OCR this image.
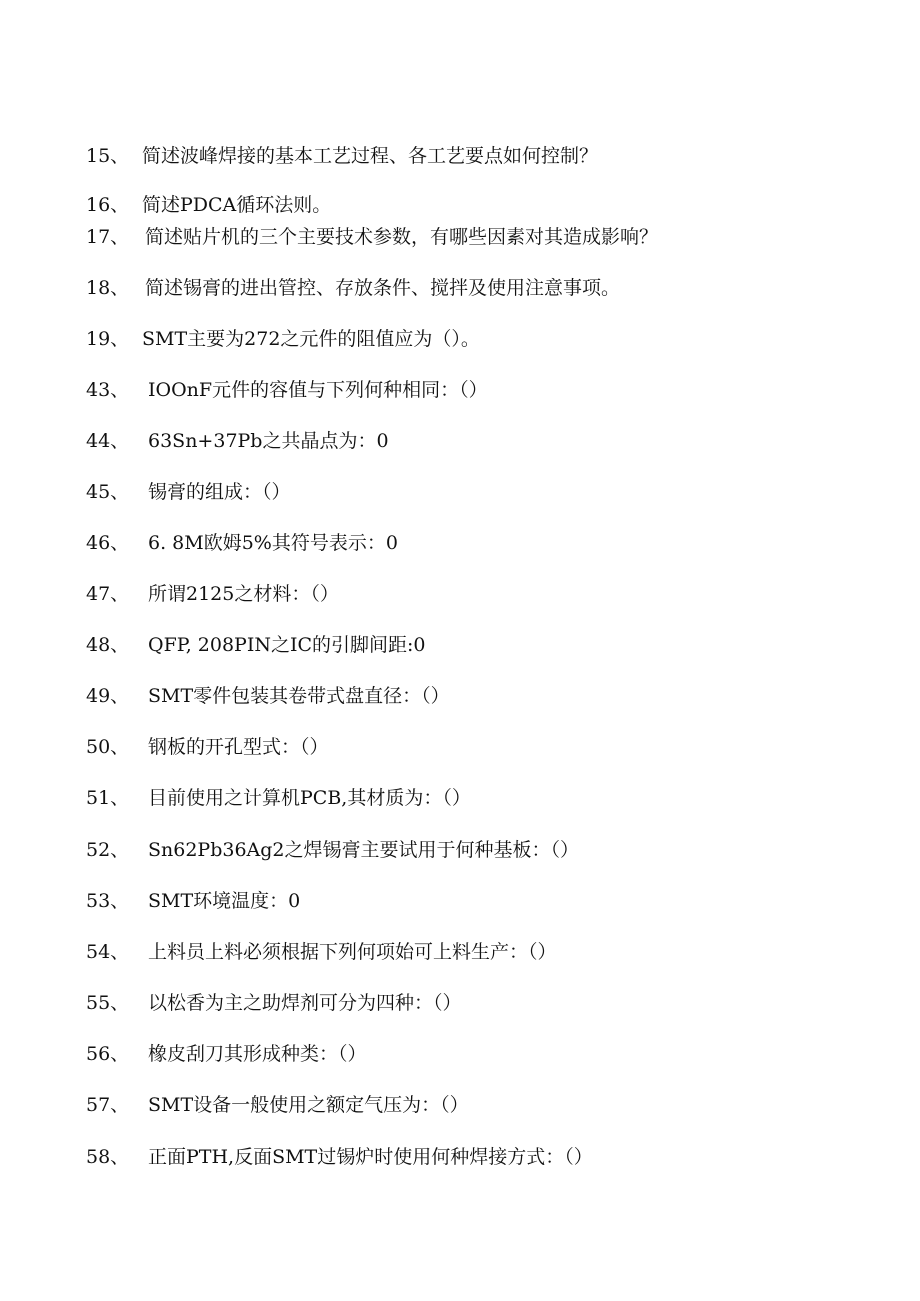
15、 简述波峰焊接的基本工艺过程、各工艺要点如何控制？
16、 简述PDCA循环法则。
17、 简述贴片机的三个主要技术参数，有哪些因素对其造成影响？
18、 简述锡膏的进出管控、存放条件、搅拌及使用注意事项。
19、 SMT主要为272之元件的阻值应为（）。
43、 IOOnF元件的容值与下列何种相同：（）
44、 63Sn+37Pb之共晶点为：0
45、 锡膏的组成：（）
46、 6. 8M欧姆5%其符号表示：0
47、 所谓2125之材料：（）
48、 QFP, 208PIN之IC的引脚间距:0
49、 SMT零件包装其卷带式盘直径：（）
50、 钢板的开孔型式：（）
51、 目前使用之计算机PCB,其材质为：（）
52、 Sn62Pb36Ag2之焊锡膏主要试用于何种基板：（）
53、 SMT环境温度：0
54、 上料员上料必须根据下列何项始可上料生产：（）
55、 以松香为主之助焊剂可分为四种：（）
56、 橡皮刮刀其形成种类：（）
57、 SMT设备一般使用之额定气压为：（）
58、 正面PTH,反面SMT过锡炉时使用何种焊接方式：（）
